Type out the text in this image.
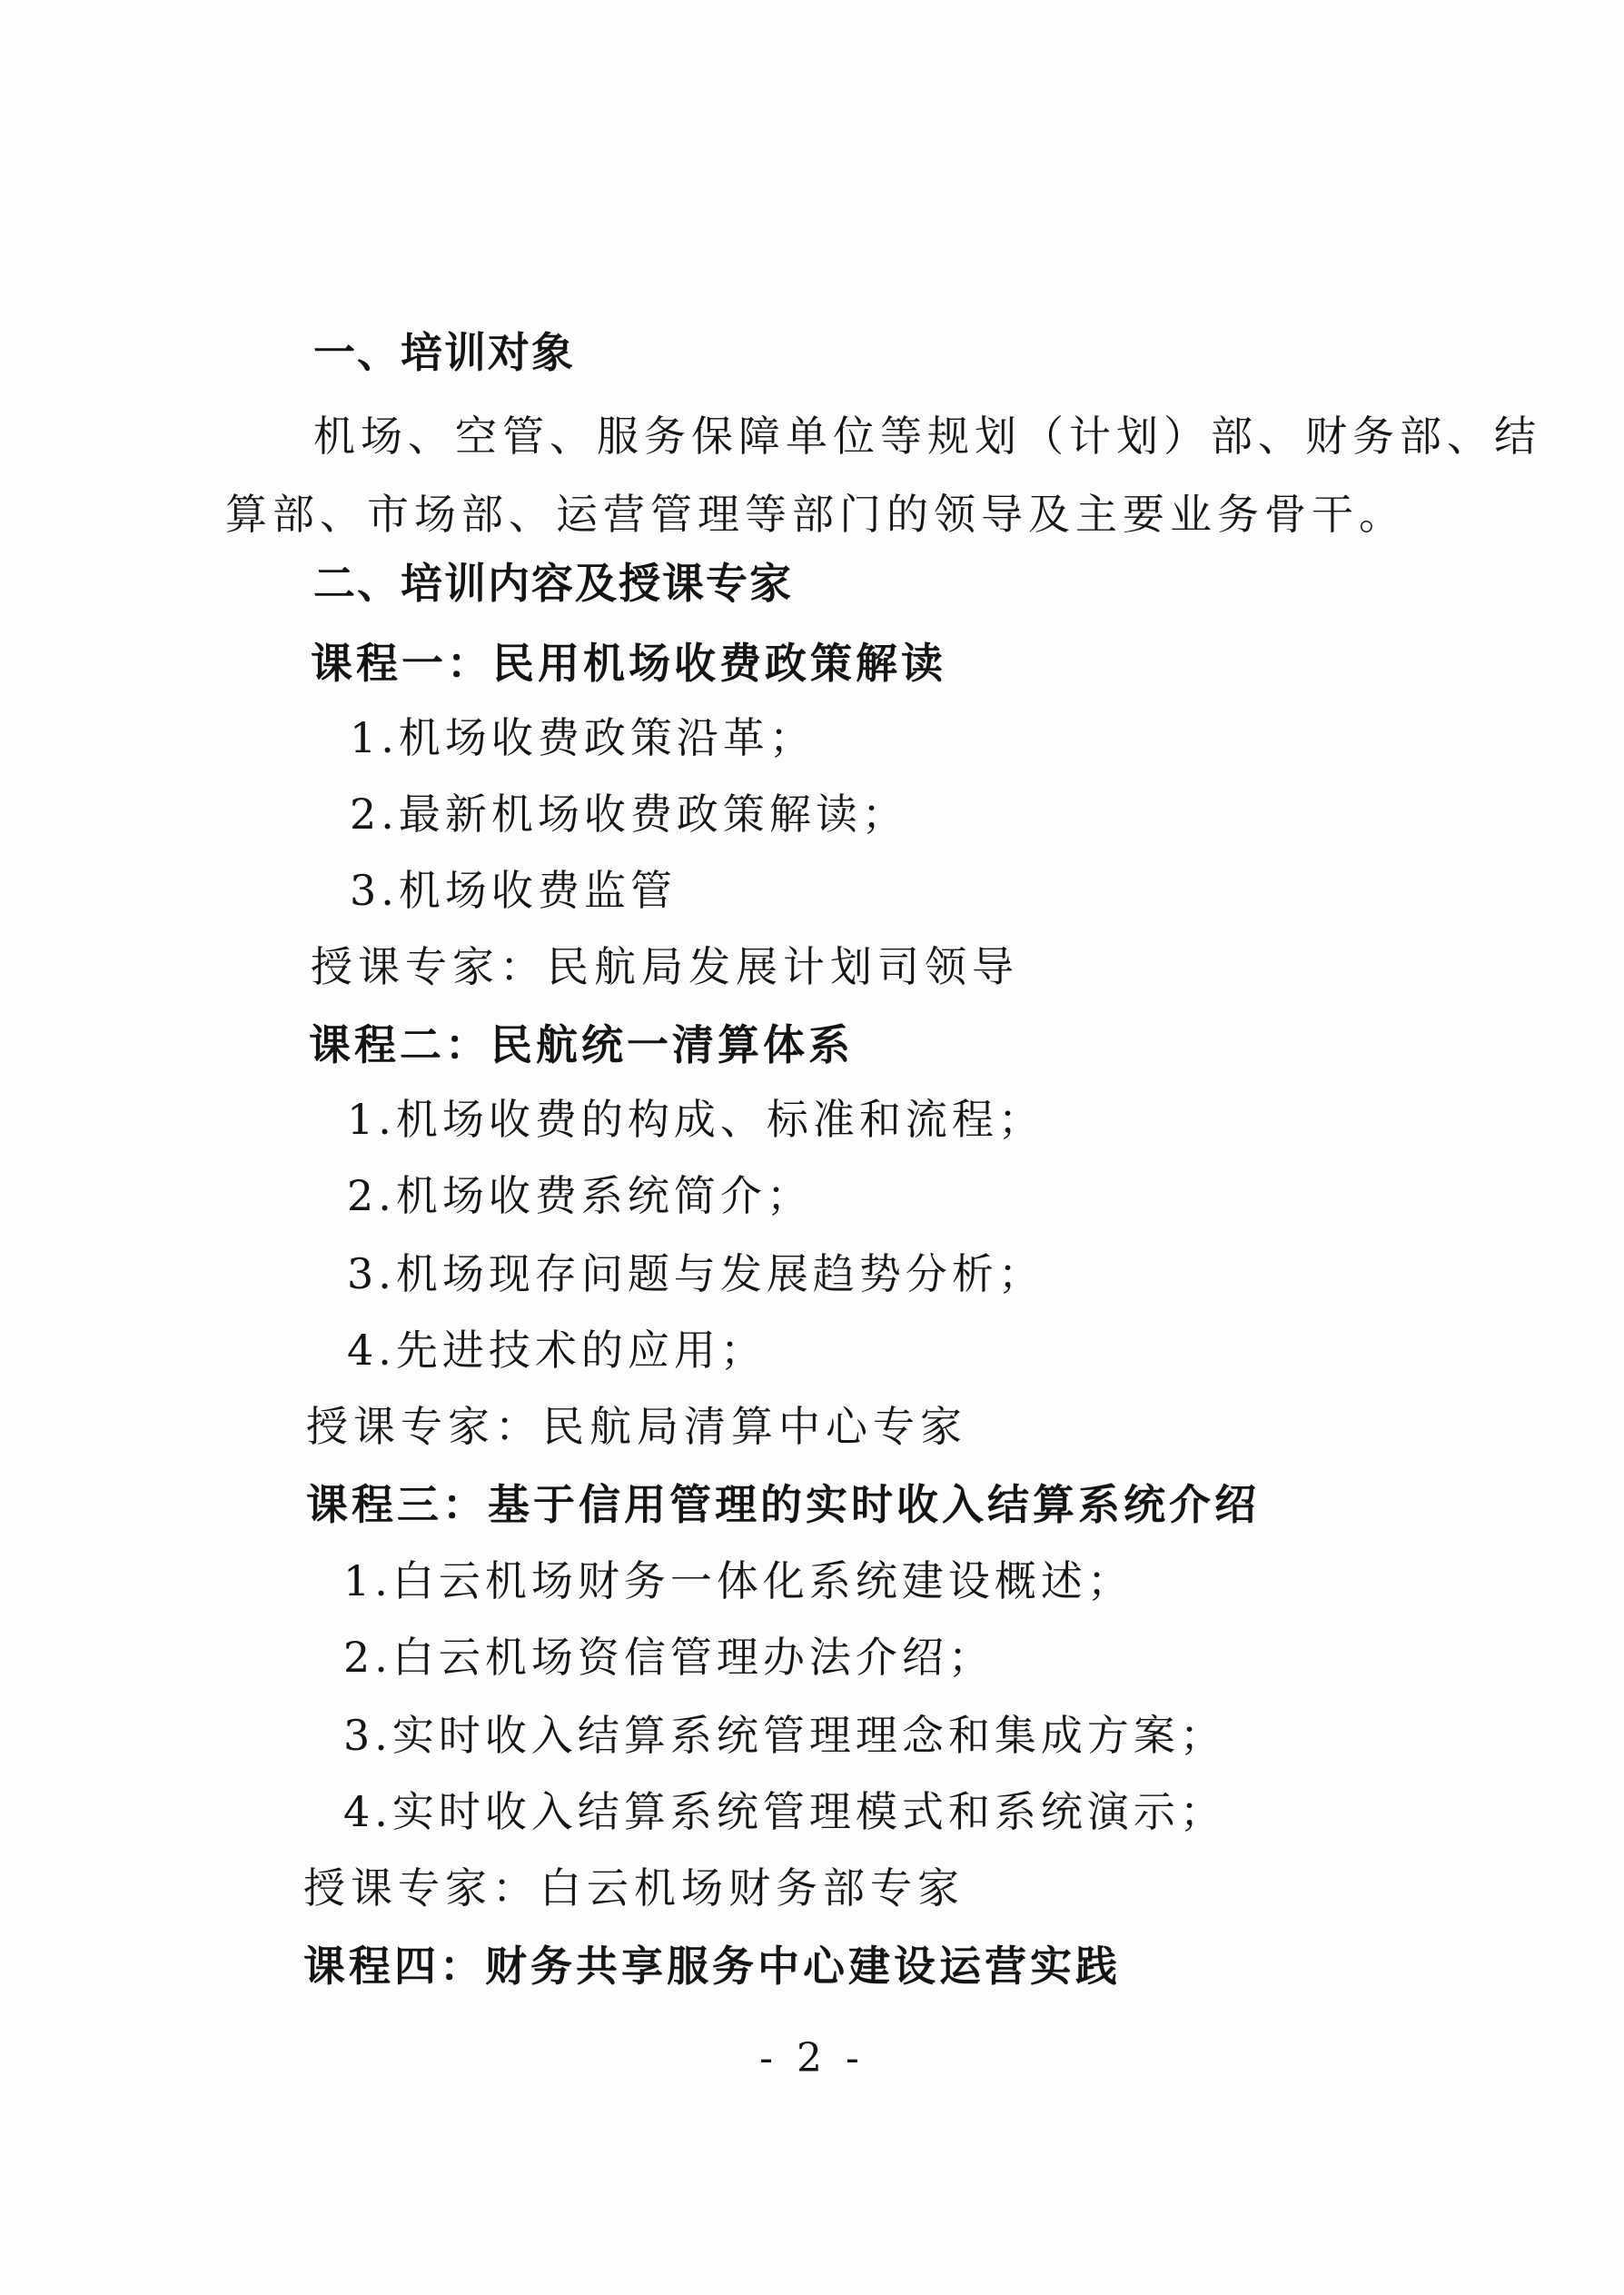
一、培训对象
机场、空管、服务保障单位等规划（计划）部、财务部、结
算部、市场部、运营管理等部门的领导及主要业务骨干。
二、培训内容及授课专家
课程一：民用机场收费政策解读
1.机场收费政策沿革；
2.最新机场收费政策解读；
3.机场收费监管
授课专家：民航局发展计划司领导
课程二：民航统一清算体系
1.机场收费的构成、标准和流程；
2.机场收费系统简介；
3.机场现存问题与发展趋势分析；
4.先进技术的应用；
授课专家：民航局清算中心专家
课程三：基于信用管理的实时收入结算系统介绍
1.白云机场财务一体化系统建设概述；
2.白云机场资信管理办法介绍；
3.实时收入结算系统管理理念和集成方案；
4.实时收入结算系统管理模式和系统演示；
授课专家：白云机场财务部专家
课程四：财务共享服务中心建设运营实践
- 2 -
